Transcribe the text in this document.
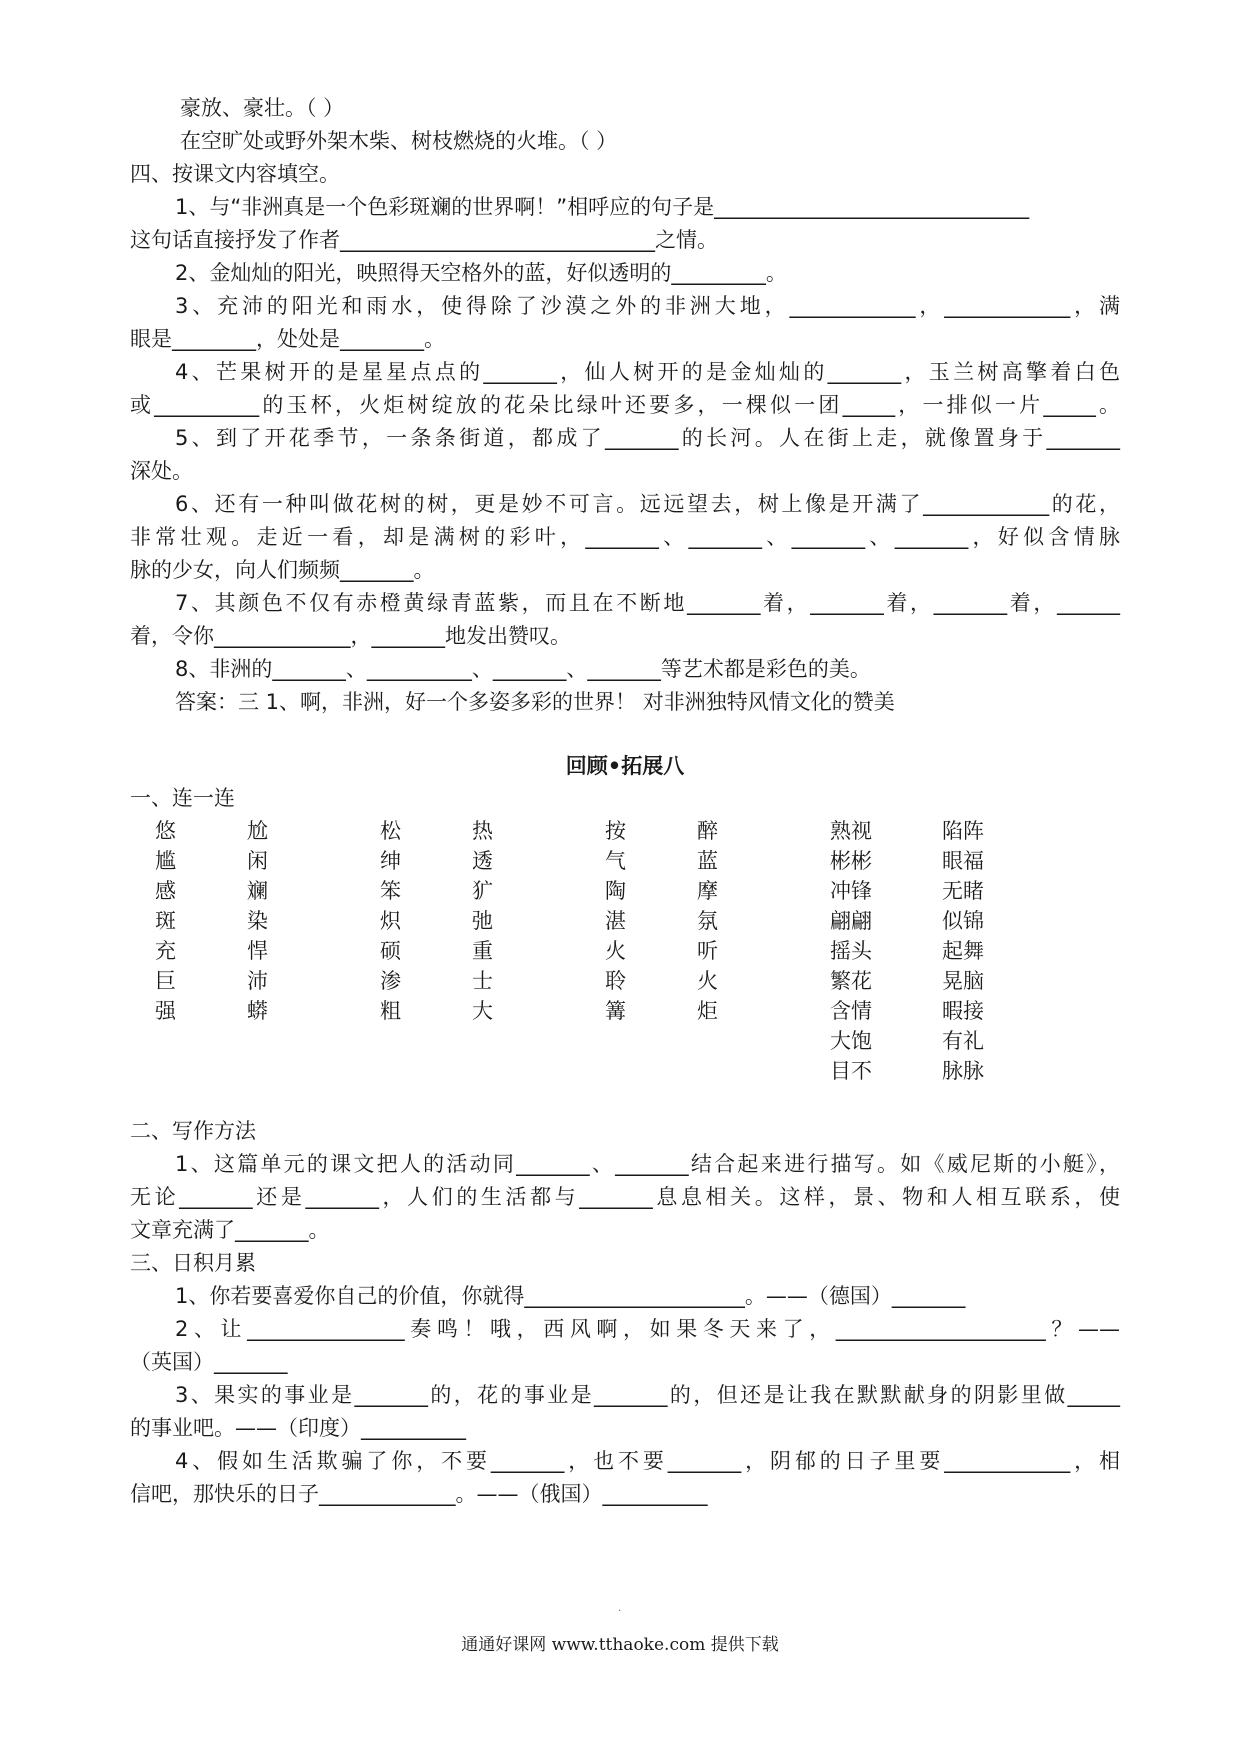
豪放、豪壮。（ ）
在空旷处或野外架木柴、树枝燃烧的火堆。（ ）
四、按课文内容填空。
1、与“非洲真是一个色彩斑斓的世界啊！”相呼应的句子是______________________________
这句话直接抒发了作者______________________________之情。
2、金灿灿的阳光，映照得天空格外的蓝，好似透明的_________。
3、充沛的阳光和雨水，使得除了沙漠之外的非洲大地，____________，____________，满
眼是________，处处是________。
4、芒果树开的是星星点点的_______，仙人树开的是金灿灿的_______，玉兰树高擎着白色
或__________的玉杯，火炬树绽放的花朵比绿叶还要多，一棵似一团_____，一排似一片_____。
5、到了开花季节，一条条街道，都成了_______的长河。人在街上走，就像置身于_______
深处。
6、还有一种叫做花树的树，更是妙不可言。远远望去，树上像是开满了____________的花，
非常壮观。走近一看，却是满树的彩叶，_______、_______、_______、_______，好似含情脉
脉的少女，向人们频频_______。
7、其颜色不仅有赤橙黄绿青蓝紫，而且在不断地_______着，_______着，_______着，______
着，令你_____________，_______地发出赞叹。
8、非洲的_______、__________、_______、_______等艺术都是彩色的美。
答案：三 1、啊，非洲，好一个多姿多彩的世界！ 对非洲独特风情文化的赞美
回顾•拓展八
一、连一连
悠
尴
感
斑
充
巨
强
尬
闲
斓
染
悍
沛
蟒
松
绅
笨
炽
硕
渗
粗
热
透
犷
弛
重
士
大
按
气
陶
湛
火
聆
篝
醉
蓝
摩
氛
听
火
炬
熟视
彬彬
冲锋
翩翩
摇头
繁花
含情
大饱
目不
陷阵
眼福
无睹
似锦
起舞
晃脑
暇接
有礼
脉脉
二、写作方法
1、这篇单元的课文把人的活动同_______、_______结合起来进行描写。如《威尼斯的小艇》，
无论_______还是_______，人们的生活都与_______息息相关。这样，景、物和人相互联系，使
文章充满了_______。
三、日积月累
1、你若要喜爱你自己的价值，你就得_____________________。——（德国）_______
2、让_______________奏鸣！哦，西风啊，如果冬天来了，____________________？——
（英国）_______
3、果实的事业是_______的，花的事业是_______的，但还是让我在默默献身的阴影里做_____
的事业吧。——（印度）__________
4、假如生活欺骗了你，不要_______，也不要_______，阴郁的日子里要____________，相
信吧，那快乐的日子_____________。——（俄国）__________
.
通通好课网 www.tthaoke.com 提供下载
